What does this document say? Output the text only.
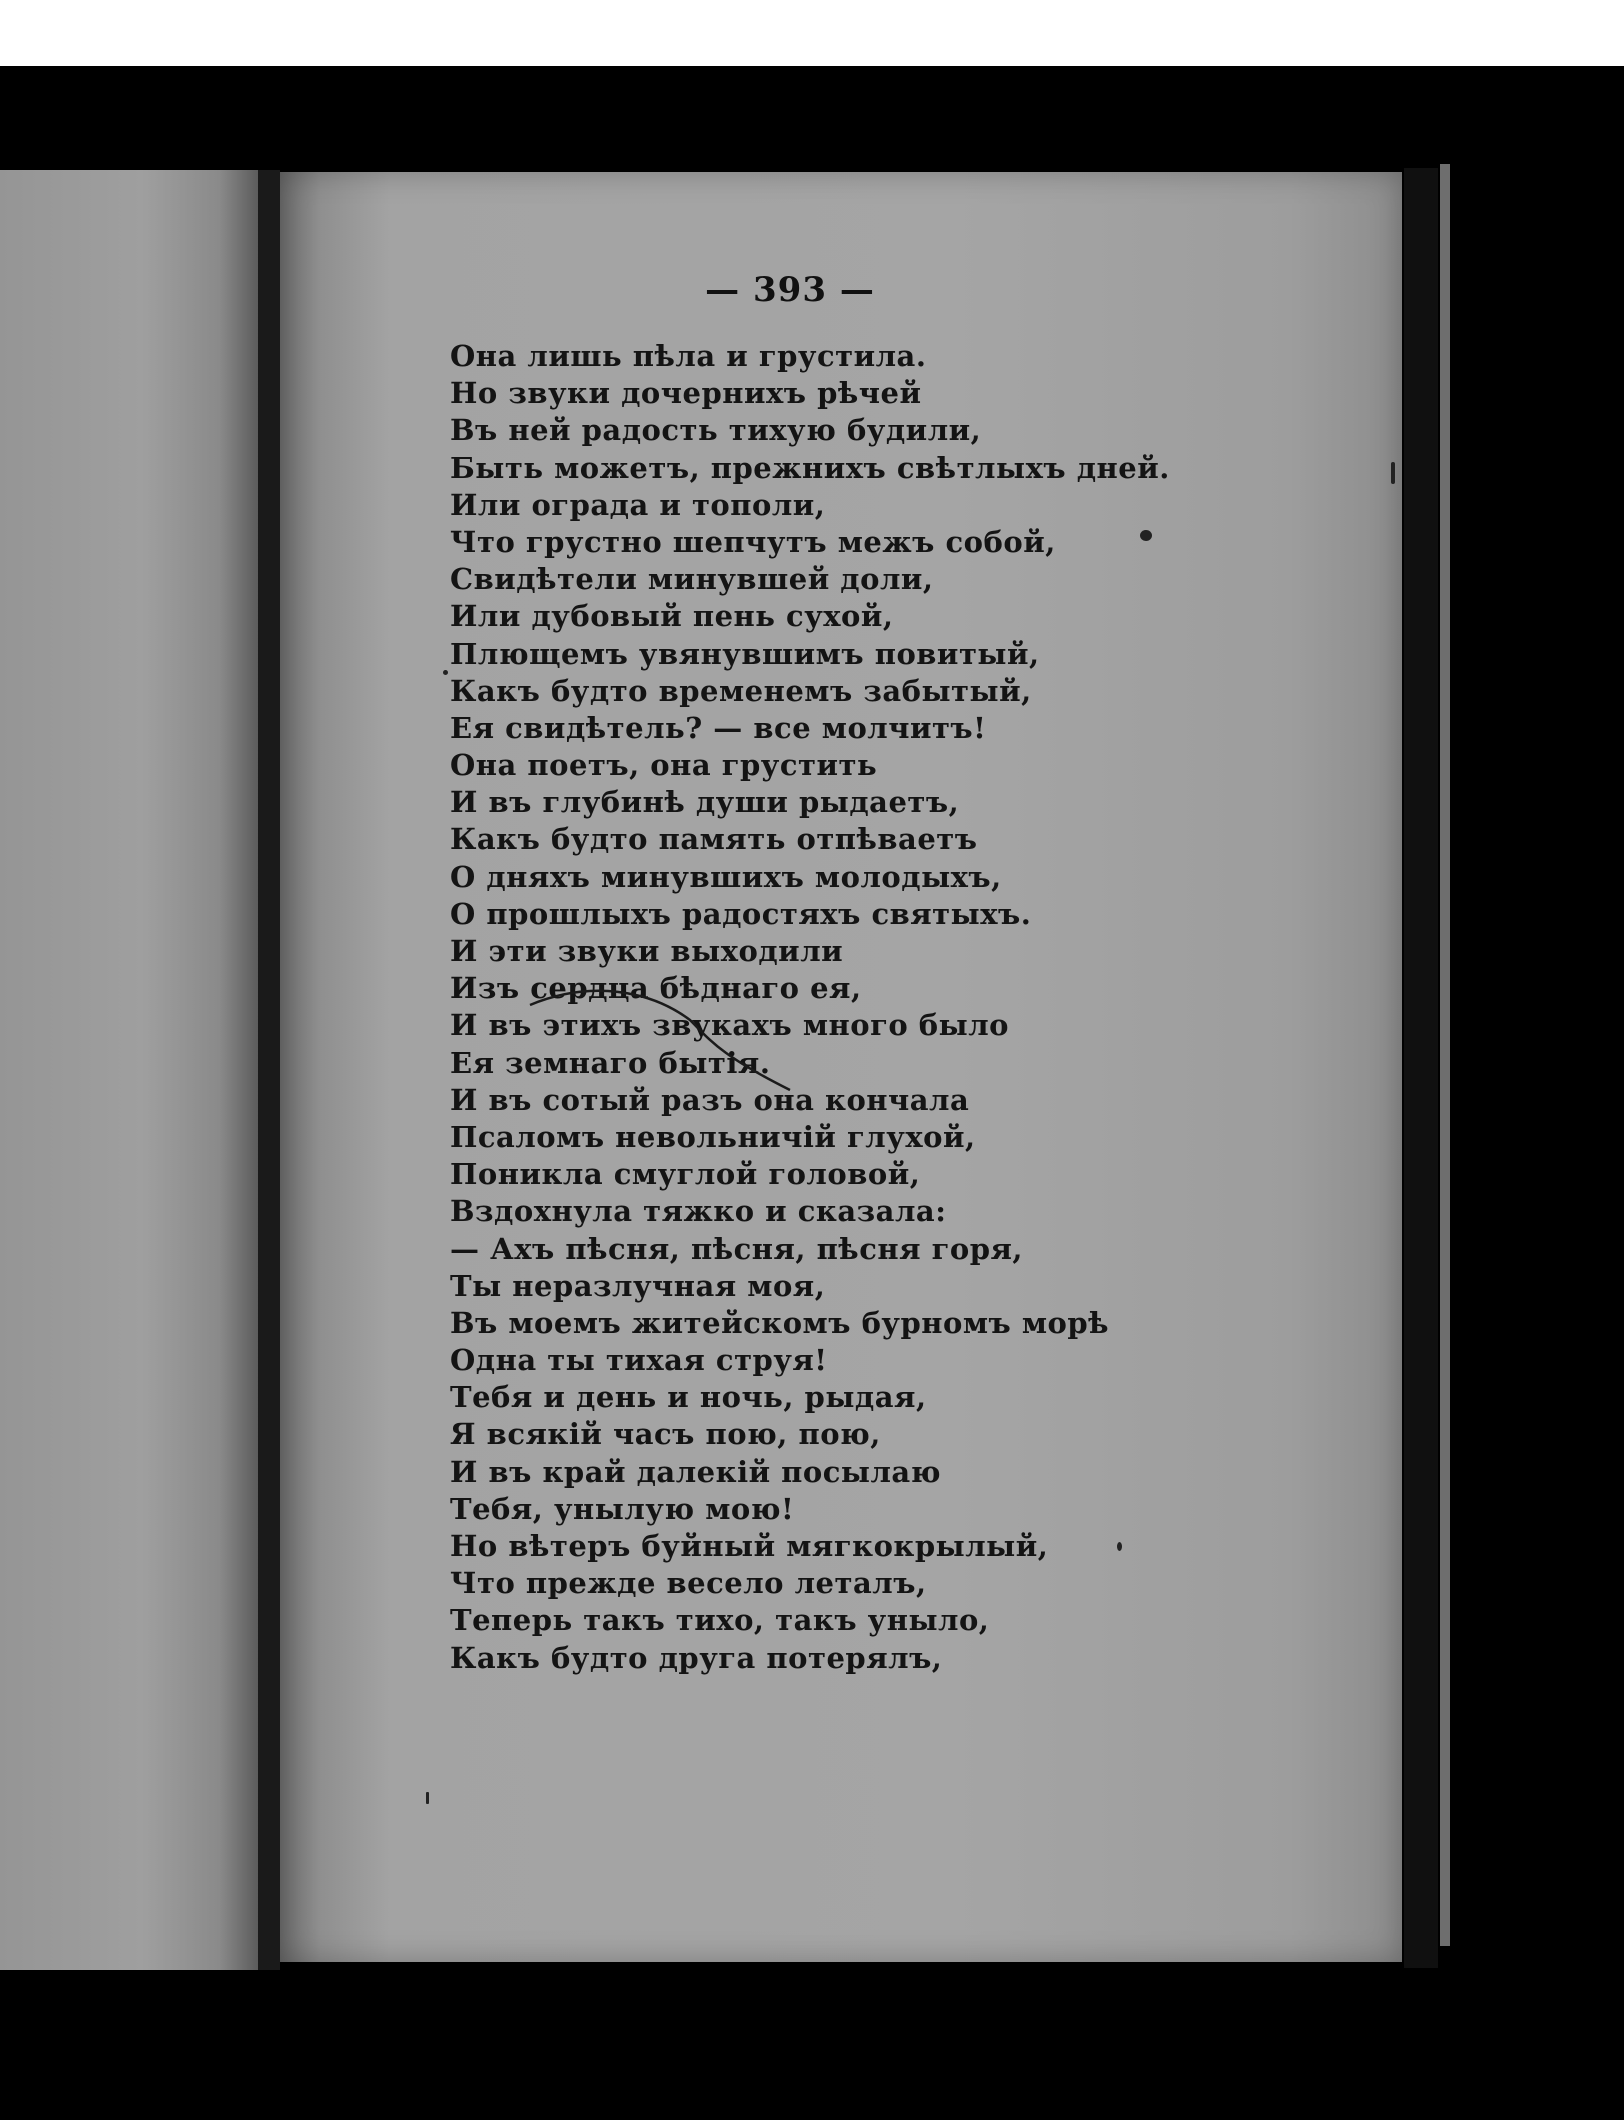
— 393 —
Она лишь пѣла и грустила.
Но звуки дочернихъ рѣчей
Въ ней радость тихую будили,
Быть можетъ, прежнихъ свѣтлыхъ дней.
Или ограда и тополи,
Что грустно шепчутъ межъ собой,
Свидѣтели минувшей доли,
Или дубовый пень сухой,
Плющемъ увянувшимъ повитый,
Какъ будто временемъ забытый,
Ея свидѣтель? — все молчитъ!
Она поетъ, она грустить
И въ глубинѣ души рыдаетъ,
Какъ будто память отпѣваетъ
О дняхъ минувшихъ молодыхъ,
О прошлыхъ радостяхъ святыхъ.
И эти звуки выходили
Изъ сердца бѣднаго ея,
И въ этихъ звукахъ много было
Ея земнаго бытія.
И въ сотый разъ она кончала
Псаломъ невольничій глухой,
Поникла смуглой головой,
Вздохнула тяжко и сказала:
— Ахъ пѣсня, пѣсня, пѣсня горя,
Ты неразлучная моя,
Въ моемъ житейскомъ бурномъ морѣ
Одна ты тихая струя!
Тебя и день и ночь, рыдая,
Я всякій часъ пою, пою,
И въ край далекій посылаю
Тебя, унылую мою!
Но вѣтеръ буйный мягкокрылый,
Что прежде весело леталъ,
Теперь такъ тихо, такъ уныло,
Какъ будто друга потерялъ,
